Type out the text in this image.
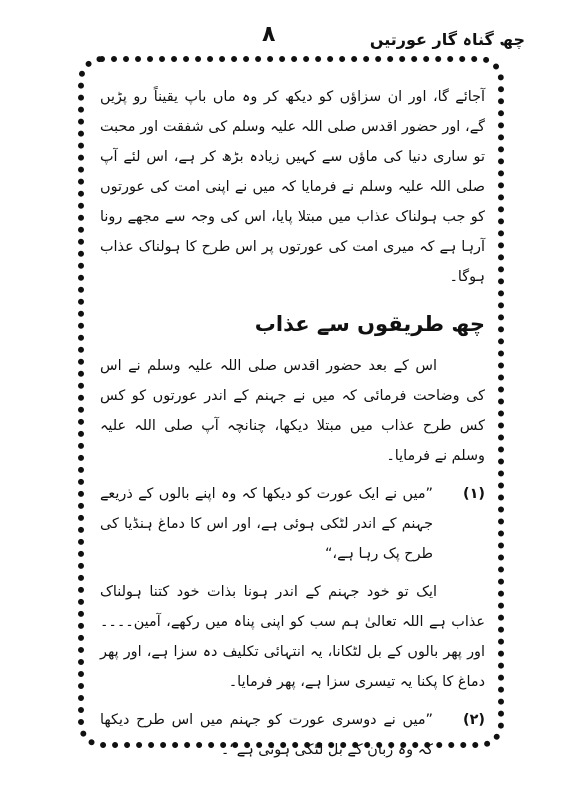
چھ گناہ گار عورتیں
۸

آجائے گا، اور ان سزاؤں کو دیکھ کر وہ ماں باپ یقیناً رو پڑیں گے، اور حضور اقدس صلی اللہ علیہ وسلم کی شفقت اور محبت تو ساری دنیا کی ماؤں سے کہیں زیادہ بڑھ کر ہے، اس لئے آپ صلی اللہ علیہ وسلم نے فرمایا کہ میں نے اپنی امت کی عورتوں کو جب ہولناک عذاب میں مبتلا پایا، اس کی وجہ سے مجھے رونا آرہا ہے کہ میری امت کی عورتوں پر اس طرح کا ہولناک عذاب ہوگا۔

چھ طریقوں سے عذاب

اس کے بعد حضور اقدس صلی اللہ علیہ وسلم نے اس کی وضاحت فرمائی کہ میں نے جہنم کے اندر عورتوں کو کس کس طرح عذاب میں مبتلا دیکھا، چنانچہ آپ صلی اللہ علیہ وسلم نے فرمایا۔

(۱)

”میں نے ایک عورت کو دیکھا کہ وہ اپنے بالوں کے ذریعے جہنم کے اندر لٹکی ہوئی ہے، اور اس کا دماغ ہنڈیا کی طرح پک رہا ہے،“

ایک تو خود جہنم کے اندر ہونا بذات خود کتنا ہولناک عذاب ہے اللہ تعالیٰ ہم سب کو اپنی پناہ میں رکھے، آمین۔۔۔۔اور پھر بالوں کے بل لٹکانا، یہ انتہائی تکلیف دہ سزا ہے، اور پھر دماغ کا پکنا یہ تیسری سزا ہے، پھر فرمایا۔

(۲)

”میں نے دوسری عورت کو جہنم میں اس طرح دیکھا کہ وہ زبان کے بل لٹکی ہوئی ہے“۔
